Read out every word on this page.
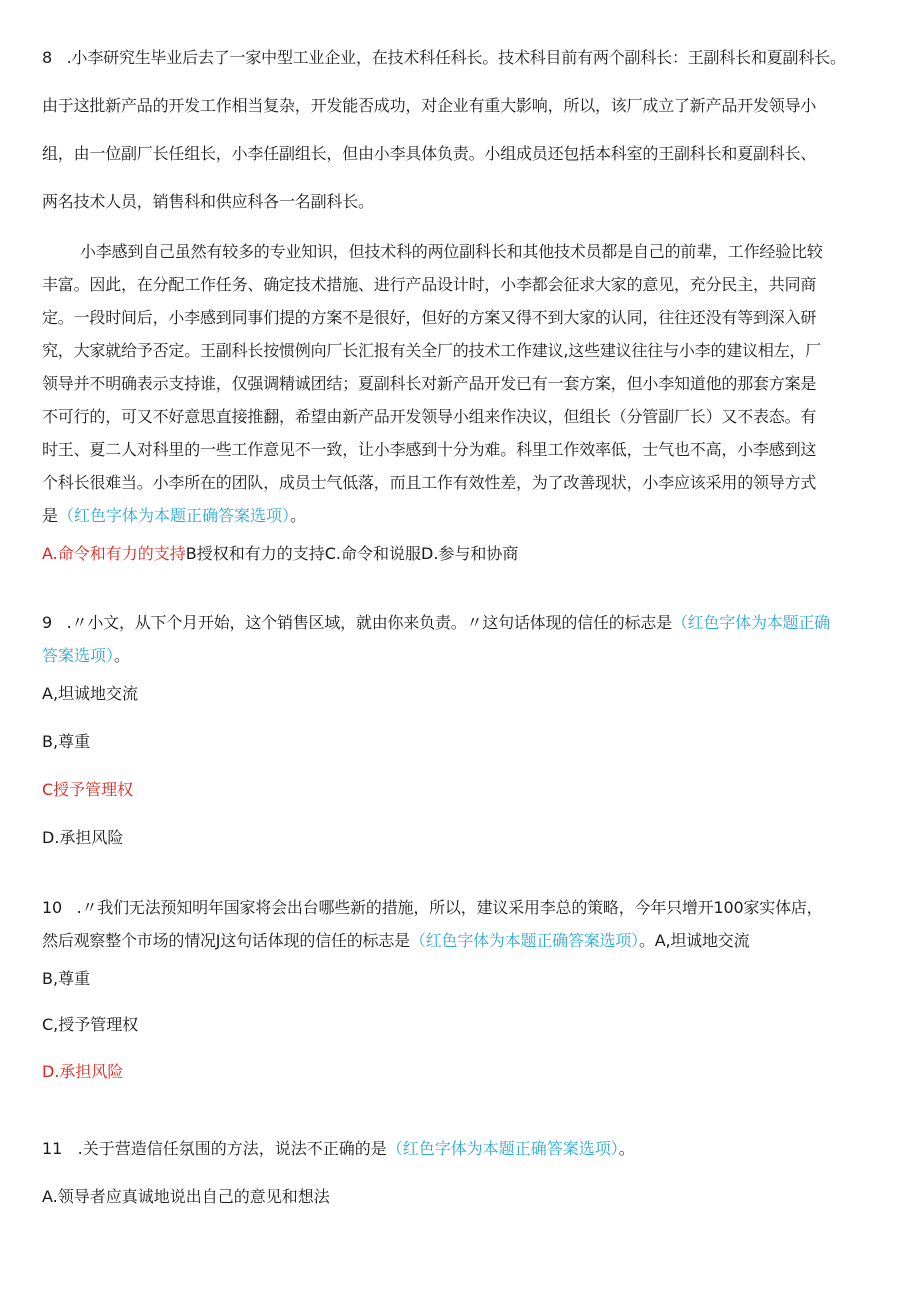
8 .小李研究生毕业后去了一家中型工业企业，在技术科任科长。技术科目前有两个副科长：王副科长和夏副科长。
由于这批新产品的开发工作相当复杂，开发能否成功，对企业有重大影响，所以，该厂成立了新产品开发领导小
组，由一位副厂长任组长，小李任副组长，但由小李具体负责。小组成员还包括本科室的王副科长和夏副科长、
两名技术人员，销售科和供应科各一名副科长。
小李感到自己虽然有较多的专业知识，但技术科的两位副科长和其他技术员都是自己的前辈，工作经验比较
丰富。因此，在分配工作任务、确定技术措施、进行产品设计时，小李都会征求大家的意见，充分民主，共同商
定。一段时间后，小李感到同事们提的方案不是很好，但好的方案又得不到大家的认同，往往还没有等到深入研
究，大家就给予否定。王副科长按惯例向厂长汇报有关全厂的技术工作建议,这些建议往往与小李的建议相左，厂
领导并不明确表示支持谁，仅强调精诚团结；夏副科长对新产品开发已有一套方案，但小李知道他的那套方案是
不可行的，可又不好意思直接推翻，希望由新产品开发领导小组来作决议，但组长（分管副厂长）又不表态。有
时王、夏二人对科里的一些工作意见不一致，让小李感到十分为难。科里工作效率低，士气也不高，小李感到这
个科长很难当。小李所在的团队，成员士气低落，而且工作有效性差，为了改善现状，小李应该采用的领导方式
是（红色字体为本题正确答案选项）。
A.命令和有力的支持B授权和有力的支持C.命令和说服D.参与和协商
9 .〃小文，从下个月开始，这个销售区域，就由你来负责。〃这句话体现的信任的标志是（红色字体为本题正确
答案选项）。
A,坦诚地交流
B,尊重
C授予管理权
D.承担风险
10 .〃我们无法预知明年国家将会出台哪些新的措施，所以，建议采用李总的策略，今年只增开100家实体店，
然后观察整个市场的情况J这句话体现的信任的标志是（红色字体为本题正确答案选项）。A,坦诚地交流
B,尊重
C,授予管理权
D.承担风险
11 .关于营造信任氛围的方法，说法不正确的是（红色字体为本题正确答案选项）。
A.领导者应真诚地说出自己的意见和想法
